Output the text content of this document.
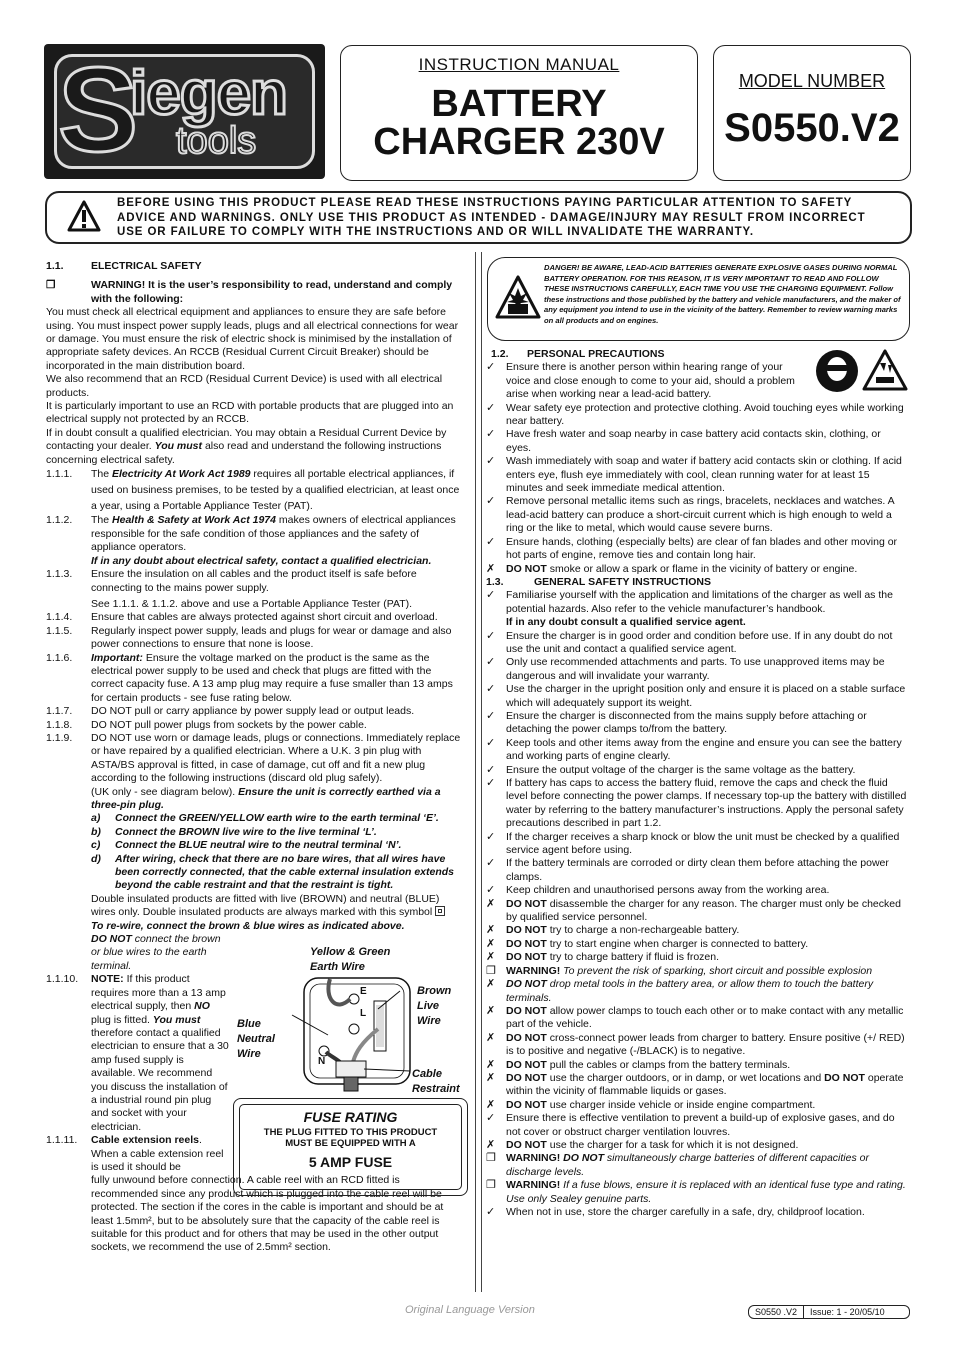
S
iegen
tools
INSTRUCTION MANUAL
BATTERY
CHARGER 230V
MODEL NUMBER
S0550.V2
BEFORE USING THIS PRODUCT PLEASE READ THESE INSTRUCTIONS PAYING PARTICULAR ATTENTION TO SAFETY ADVICE AND WARNINGS. ONLY USE THIS PRODUCT AS INTENDED - DAMAGE/INJURY MAY RESULT FROM INCORRECT USE OR FAILURE TO COMPLY WITH THE INSTRUCTIONS AND OR WILL INVALIDATE THE WARRANTY.
1.1.	ELECTRICAL SAFETY
❐	WARNING! It is the user’s responsibility to read, understand and comply with the following:

You must check all electrical equipment and appliances to ensure they are safe before using. You must inspect power supply leads, plugs and all electrical connections for wear or damage. You must ensure the risk of electric shock is minimised by the installation of appropriate safety devices. An RCCB (Residual Current Circuit Breaker) should be incorporated in the main distribution board.

We also recommend that an RCD (Residual Current Device) is used with all electrical products.

It is particularly important to use an RCD with portable products that are plugged into an electrical supply not protected by an RCCB.

If in doubt consult a qualified electrician. You may obtain a Residual Current Device by contacting your dealer. You must also read and understand the following instructions concerning electrical safety.

1.1.1.	The Electricity At Work Act 1989 requires all portable electrical appliances, if used on business premises, to be tested by a qualified electrician, at least once a year, using a Portable Appliance Tester (PAT).
1.1.2.	The Health & Safety at Work Act 1974 makes owners of electrical appliances responsible for the safe condition of those appliances and the safety of appliance operators.
If in any doubt about electrical safety, contact a qualified electrician.
1.1.3.	Ensure the insulation on all cables and the product itself is safe before connecting to the mains power supply.

See 1.1.1. & 1.1.2. above and use a Portable Appliance Tester (PAT).
1.1.4.	Ensure that cables are always protected against short circuit and overload.
1.1.5.	Regularly inspect power supply, leads and plugs for wear or damage and also power connections to ensure that none is loose.
1.1.6.	Important: Ensure the voltage marked on the product is the same as the electrical power supply to be used and check that plugs are fitted with the correct capacity fuse. A 13 amp plug may require a fuse smaller than 13 amps for certain products - see fuse rating below.
1.1.7.	DO NOT pull or carry appliance by power supply lead or output leads.
1.1.8.	DO NOT pull power plugs from sockets by the power cable.
1.1.9.	DO NOT use worn or damage leads, plugs or connections. Immediately replace or have repaired by a qualified electrician. Where a U.K. 3 pin plug with ASTA/BS approval is fitted, in case of damage, cut off and fit a new plug according to the following instructions (discard old plug safely).
(UK only - see diagram below). Ensure the unit is correctly earthed via a three-pin plug.
a)	Connect the GREEN/YELLOW earth wire to the earth terminal ‘E’.
b)	Connect the BROWN live wire to the live terminal ‘L’.
c)	Connect the BLUE neutral wire to the neutral terminal ‘N’.
d)	After wiring, check that there are no bare wires, that all wires have been correctly connected, that the cable external insulation extends beyond the cable restraint and that the restraint is tight.

Double insulated products are fitted with live (BROWN) and neutral (BLUE) wires only. Double insulated products are always marked with this symbol

To re-wire, connect the brown & blue wires as indicated above.

DO NOT connect the brown or blue wires to the earth terminal.

1.1.10.	NOTE: If this product requires more than a 13 amp electrical supply, then NO plug is fitted. You must therefore contact a qualified electrician to ensure that a 30 amp fused supply is available. We recommend you discuss the installation of a industrial round pin plug and socket with your electrician.
1.1.11.	Cable extension reels. When a cable extension reel is used it should be

fully unwound before connection. A cable reel with an RCD fitted is recommended since any product which is plugged into the cable reel will be protected. The section if the cores in the cable is important and should be at least 1.5mm², but to be absolutely sure that the capacity of the cable reel is suitable for this product and for others that may be used in the other output sockets, we recommend the use of 2.5mm² section.

Yellow & Green
Earth Wire
Brown
Live
Wire
Blue
Neutral
Wire
Cable
Restraint
E
L
N
FUSE RATING
THE PLUG FITTED TO THIS PRODUCT MUST BE EQUIPPED WITH A
5 AMP FUSE
DANGER! BE AWARE, LEAD-ACID BATTERIES GENERATE EXPLOSIVE GASES DURING NORMAL BATTERY OPERATION. FOR THIS REASON, IT IS VERY IMPORTANT TO READ AND FOLLOW THESE INSTRUCTIONS CAREFULLY, EACH TIME YOU USE THE CHARGING EQUIPMENT. Follow these instructions and those published by the battery and vehicle manufacturers, and the maker of any equipment you intend to use in the vicinity of the battery. Remember to review warning marks on all products and on engines.
1.2.	PERSONAL PRECAUTIONS
✓	Ensure there is another person within hearing range of your voice and close enough to come to your aid, should a problem arise when working near a lead-acid battery.
✓	Wear safety eye protection and protective clothing. Avoid touching eyes while working near battery.
✓	Have fresh water and soap nearby in case battery acid contacts skin, clothing, or eyes.
✓	Wash immediately with soap and water if battery acid contacts skin or clothing. If acid enters eye, flush eye immediately with cool, clean running water for at least 15 minutes and seek immediate medical attention.
✓	Remove personal metallic items such as rings, bracelets, necklaces and watches. A lead-acid battery can produce a short-circuit current which is high enough to weld a ring or the like to metal, which would cause severe burns.
✓	Ensure hands, clothing (especially belts) are clear of fan blades and other moving or hot parts of engine, remove ties and contain long hair.
✗	DO NOT smoke or allow a spark or flame in the vicinity of battery or engine.
1.3.	GENERAL SAFETY INSTRUCTIONS
✓	Familiarise yourself with the application and limitations of the charger as well as the potential hazards. Also refer to the vehicle manufacturer’s handbook.
If in any doubt consult a qualified service agent.
✓	Ensure the charger is in good order and condition before use. If in any doubt do not use the unit and contact a qualified service agent.
✓	Only use recommended attachments and parts. To use unapproved items may be dangerous and will invalidate your warranty.
✓	Use the charger in the upright position only and ensure it is placed on a stable surface which will adequately support its weight.
✓	Ensure the charger is disconnected from the mains supply before attaching or detaching the power clamps to/from the battery.
✓	Keep tools and other items away from the engine and ensure you can see the battery and working parts of engine clearly.
✓	Ensure the output voltage of the charger is the same voltage as the battery.
✓	If battery has caps to access the battery fluid, remove the caps and check the fluid level before connecting the power clamps. If necessary top-up the battery with distilled water by referring to the battery manufacturer’s instructions. Apply the personal safety precautions described in part 1.2.
✓	If the charger receives a sharp knock or blow the unit must be checked by a qualified service agent before using.
✓	If the battery terminals are corroded or dirty clean them before attaching the power clamps.
✓	Keep children and unauthorised persons away from the working area.
✗	DO NOT disassemble the charger for any reason. The charger must only be checked by qualified service personnel.
✗	DO NOT try to charge a non-rechargeable battery.
✗	DO NOT try to start engine when charger is connected to battery.
✗	DO NOT try to charge battery if fluid is frozen.
❐ WARNING! To prevent the risk of sparking, short circuit and possible explosion
✗	DO NOT drop metal tools in the battery area, or allow them to touch the battery terminals.
✗	DO NOT allow power clamps to touch each other or to make contact with any metallic part of the vehicle.
✗	DO NOT cross-connect power leads from charger to battery. Ensure positive (+/ RED) is to positive and negative (-/BLACK) is to negative.
✗	DO NOT pull the cables or clamps from the battery terminals.
✗	DO NOT use the charger outdoors, or in damp, or wet locations and DO NOT operate within the vicinity of flammable liquids or gases.
✗	DO NOT use charger inside vehicle or inside engine compartment.
✓	Ensure there is effective ventilation to prevent a build-up of explosive gases, and do not cover or obstruct charger ventilation louvres.
✗	DO NOT use the charger for a task for which it is not designed.
❐ WARNING! DO NOT simultaneously charge batteries of different capacities or discharge levels.
❐ WARNING! If a fuse blows, ensure it is replaced with an identical fuse type and rating. Use only Sealey genuine parts.
✓	When not in use, store the charger carefully in a safe, dry, childproof location.
Original Language Version	S0550 .V2	Issue: 1 - 20/05/10
